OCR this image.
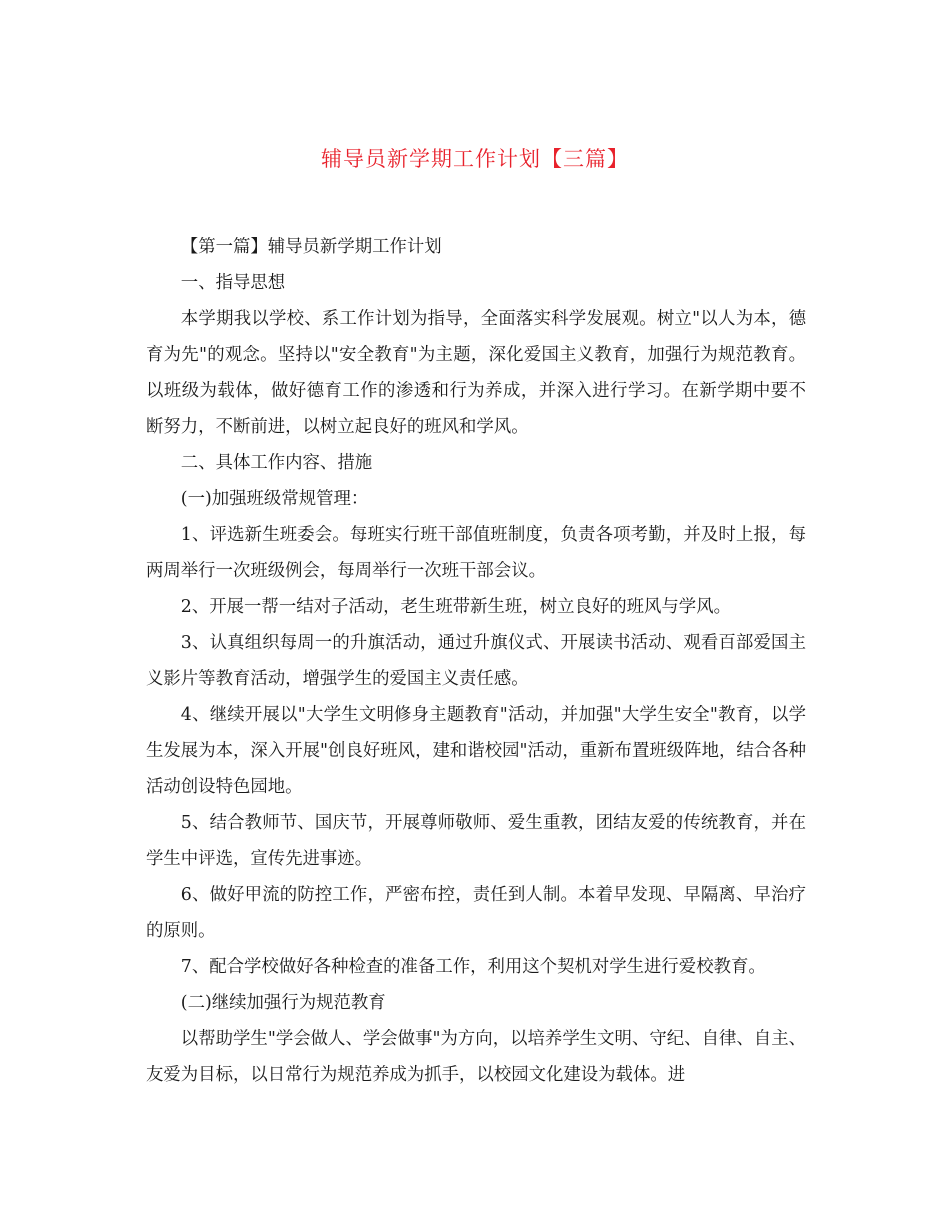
辅导员新学期工作计划【三篇】

【第一篇】辅导员新学期工作计划

一、指导思想

本学期我以学校、系工作计划为指导，全面落实科学发展观。树立"以人为本，德育为先"的观念。坚持以"安全教育"为主题，深化爱国主义教育，加强行为规范教育。以班级为载体，做好德育工作的渗透和行为养成，并深入进行学习。在新学期中要不断努力，不断前进，以树立起良好的班风和学风。

二、具体工作内容、措施

(一)加强班级常规管理：

1、评选新生班委会。每班实行班干部值班制度，负责各项考勤，并及时上报，每两周举行一次班级例会，每周举行一次班干部会议。

2、开展一帮一结对子活动，老生班带新生班，树立良好的班风与学风。

3、认真组织每周一的升旗活动，通过升旗仪式、开展读书活动、观看百部爱国主义影片等教育活动，增强学生的爱国主义责任感。

4、继续开展以"大学生文明修身主题教育"活动，并加强"大学生安全"教育，以学生发展为本，深入开展"创良好班风，建和谐校园"活动，重新布置班级阵地，结合各种活动创设特色园地。

5、结合教师节、国庆节，开展尊师敬师、爱生重教，团结友爱的传统教育，并在学生中评选，宣传先进事迹。

6、做好甲流的防控工作，严密布控，责任到人制。本着早发现、早隔离、早治疗的原则。

7、配合学校做好各种检查的准备工作，利用这个契机对学生进行爱校教育。

(二)继续加强行为规范教育

以帮助学生"学会做人、学会做事"为方向，以培养学生文明、守纪、自律、自主、友爱为目标，以日常行为规范养成为抓手，以校园文化建设为载体。进
